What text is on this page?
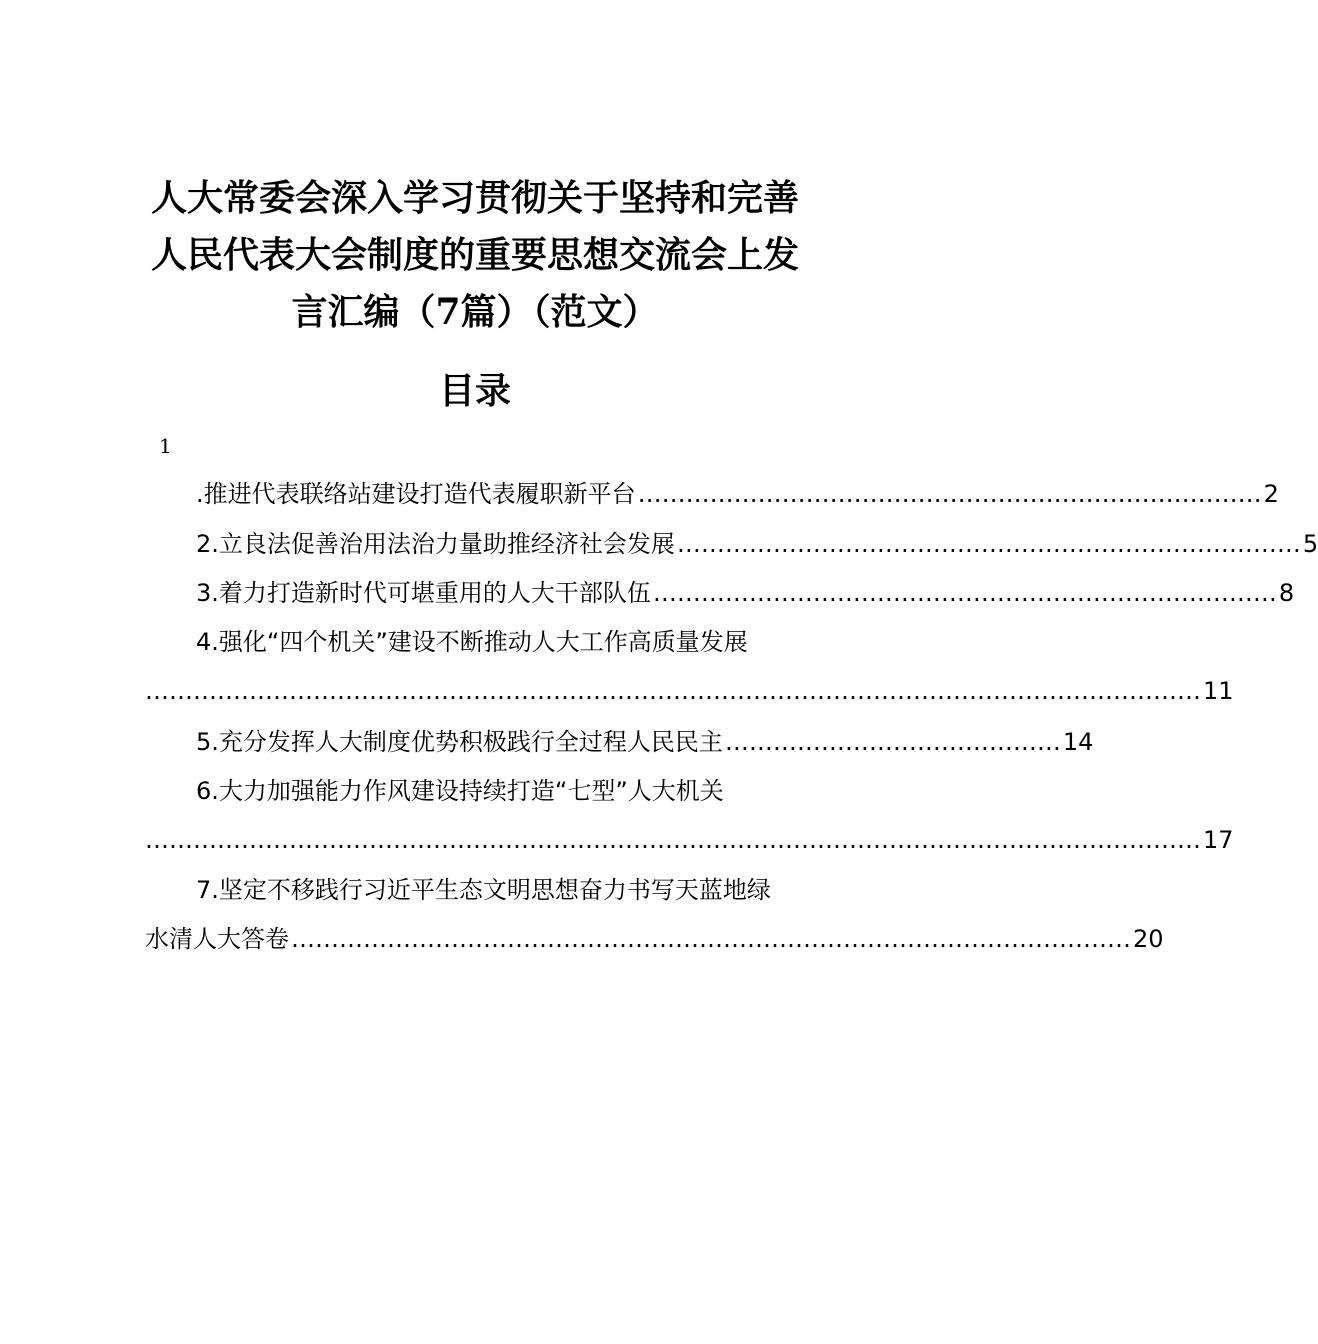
人大常委会深入学习贯彻关于坚持和完善
人民代表大会制度的重要思想交流会上发
言汇编（7篇）（范文）
目录
1
.推进代表联络站建设打造代表履职新平台 …………………………………………………………………… 2
2.立良法促善治用法治力量助推经济社会发展 …………………………………………………………………… 5
3.着力打造新时代可堪重用的人大干部队伍 …………………………………………………………………… 8
4.强化“四个机关”建设不断推动人大工作高质量发展
…………………………………………………………………………………………………………………… 11
5.充分发挥人大制度优势积极践行全过程人民民主 …………………………………… 14
6.大力加强能力作风建设持续打造“七型”人大机关
…………………………………………………………………………………………………………………… 17
7.坚定不移践行习近平生态文明思想奋力书写天蓝地绿
水清人大答卷 …………………………………………………………………………………………… 20
